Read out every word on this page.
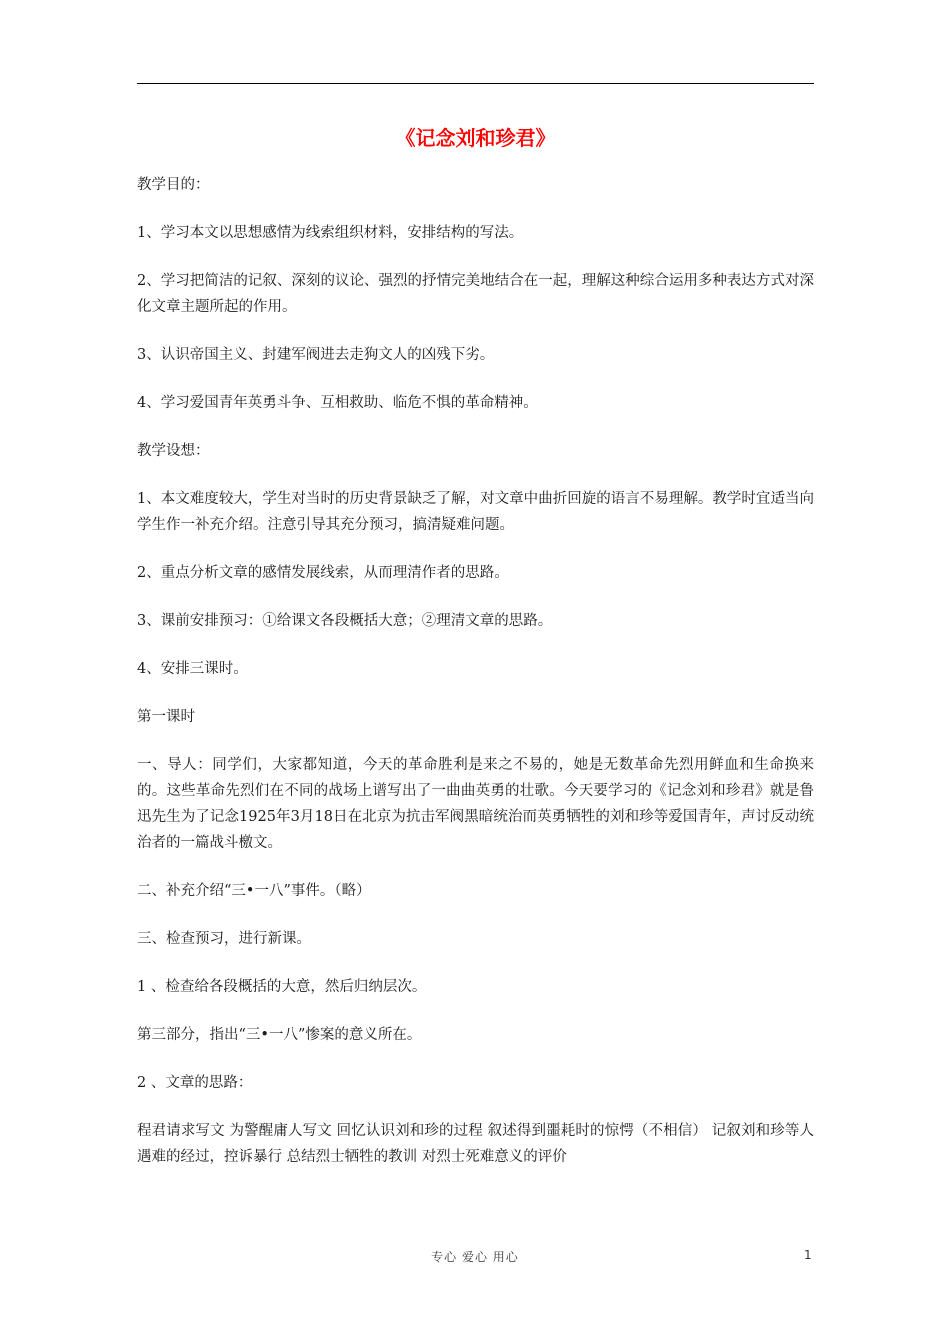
《记念刘和珍君》

教学目的：

1、学习本文以思想感情为线索组织材料，安排结构的写法。

2、学习把简洁的记叙、深刻的议论、强烈的抒情完美地结合在一起，理解这种综合运用多种表达方式对深化文章主题所起的作用。

3、认识帝国主义、封建军阀进去走狗文人的凶残下劣。

4、学习爱国青年英勇斗争、互相救助、临危不惧的革命精神。

教学设想：

1、本文难度较大，学生对当时的历史背景缺乏了解，对文章中曲折回旋的语言不易理解。教学时宜适当向学生作一补充介绍。注意引导其充分预习，搞清疑难问题。

2、重点分析文章的感情发展线索，从而理清作者的思路。

3、课前安排预习：①给课文各段概括大意；②理清文章的思路。

4、安排三课时。

第一课时

一、导人：同学们，大家都知道，今天的革命胜利是来之不易的，她是无数革命先烈用鲜血和生命换来的。这些革命先烈们在不同的战场上谱写出了一曲曲英勇的壮歌。今天要学习的《记念刘和珍君》就是鲁迅先生为了记念1925年3月18日在北京为抗击军阀黑暗统治而英勇牺牲的刘和珍等爱国青年，声讨反动统治者的一篇战斗檄文。

二、补充介绍“三•一八”事件。（略）

三、检查预习，进行新课。

1 、检查给各段概括的大意，然后归纳层次。

第三部分，指出“三•一八”惨案的意义所在。

2 、文章的思路：

程君请求写文 为警醒庸人写文 回忆认识刘和珍的过程 叙述得到噩耗时的惊愕（不相信） 记叙刘和珍等人遇难的经过，控诉暴行 总结烈士牺牲的教训 对烈士死难意义的评价

专心 爱心 用心	1
